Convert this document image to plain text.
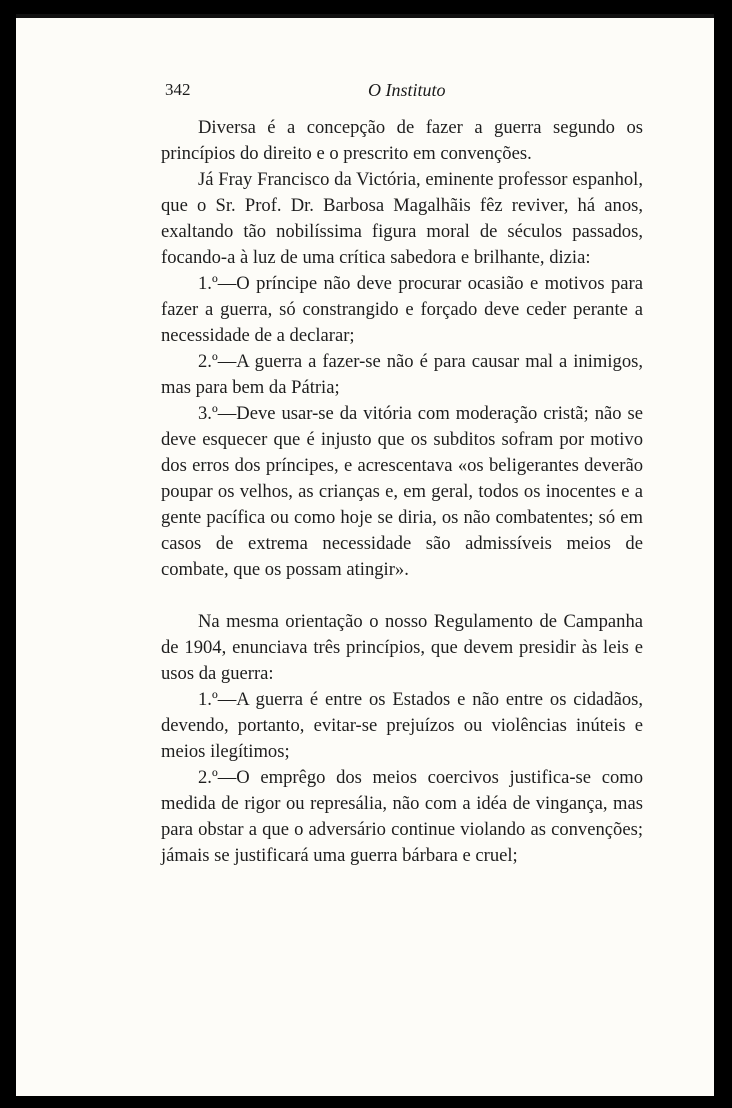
342	O Instituto

Diversa é a concepção de fazer a guerra segundo os princípios do direito e o prescrito em convenções.

Já Fray Francisco da Victória, eminente professor espanhol, que o Sr. Prof. Dr. Barbosa Magalhãis fêz reviver, há anos, exaltando tão nobilíssima figura moral de séculos passados, focando-a à luz de uma crítica sabedora e brilhante, dizia:

1.º—O príncipe não deve procurar ocasião e motivos para fazer a guerra, só constrangido e forçado deve ceder perante a necessidade de a declarar;

2.º—A guerra a fazer-se não é para causar mal a inimigos, mas para bem da Pátria;

3.º—Deve usar-se da vitória com moderação cristã; não se deve esquecer que é injusto que os subditos sofram por motivo dos erros dos príncipes, e acrescentava «os beligerantes deverão poupar os velhos, as crianças e, em geral, todos os inocentes e a gente pacífica ou como hoje se diria, os não combatentes; só em casos de extrema necessidade são admissíveis meios de combate, que os possam atingir».

Na mesma orientação o nosso Regulamento de Campanha de 1904, enunciava três princípios, que devem presidir às leis e usos da guerra:

1.º—A guerra é entre os Estados e não entre os cidadãos, devendo, portanto, evitar-se prejuízos ou violências inúteis e meios ilegítimos;

2.º—O emprêgo dos meios coercivos justifica-se como medida de rigor ou represália, não com a idéa de vingança, mas para obstar a que o adversário continue violando as convenções; jámais se justificará uma guerra bárbara e cruel;
